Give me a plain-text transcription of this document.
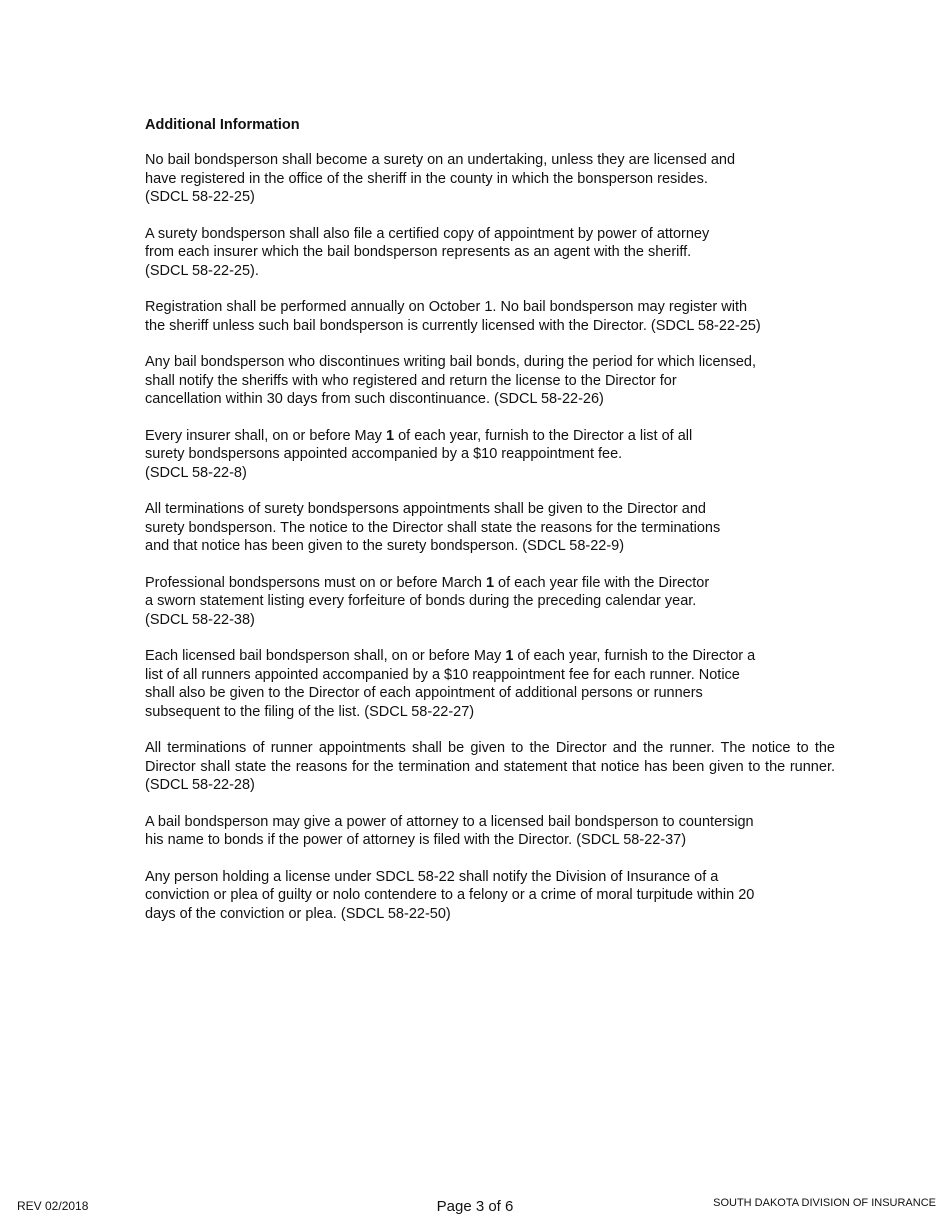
Additional Information
No bail bondsperson shall become a surety on an undertaking, unless they are licensed and
have registered in the office of the sheriff in the county in which the bonsperson resides.
(SDCL 58-22-25)
A surety bondsperson shall also file a certified copy of appointment by power of attorney
from each insurer which the bail bondsperson represents as an agent with the sheriff.
(SDCL 58-22-25).
Registration shall be performed annually on October 1. No bail bondsperson may register with
the sheriff unless such bail bondsperson is currently licensed with the Director. (SDCL 58-22-25)
Any bail bondsperson who discontinues writing bail bonds, during the period for which licensed,
shall notify the sheriffs with who registered and return the license to the Director for
cancellation within 30 days from such discontinuance. (SDCL 58-22-26)
Every insurer shall, on or before May 1 of each year, furnish to the Director a list of all
surety bondspersons appointed accompanied by a $10 reappointment fee.
(SDCL 58-22-8)
All terminations of surety bondspersons appointments shall be given to the Director and
surety bondsperson. The notice to the Director shall state the reasons for the terminations
and that notice has been given to the surety bondsperson. (SDCL 58-22-9)
Professional bondspersons must on or before March 1 of each year file with the Director
a sworn statement listing every forfeiture of bonds during the preceding calendar year.
(SDCL 58-22-38)
Each licensed bail bondsperson shall, on or before May 1 of each year, furnish to the Director a
list of all runners appointed accompanied by a $10 reappointment fee for each runner. Notice
shall also be given to the Director of each appointment of additional persons or runners
subsequent to the filing of the list. (SDCL 58-22-27)
All terminations of runner appointments shall be given to the Director and the runner. The notice to the Director shall state the reasons for the termination and statement that notice has been given to the runner. (SDCL 58-22-28)
A bail bondsperson may give a power of attorney to a licensed bail bondsperson to countersign
his name to bonds if the power of attorney is filed with the Director. (SDCL 58-22-37)
Any person holding a license under SDCL 58-22 shall notify the Division of Insurance of a
conviction or plea of guilty or nolo contendere to a felony or a crime of moral turpitude within 20
days of the conviction or plea. (SDCL 58-22-50)
REV 02/2018	Page 3 of 6	SOUTH DAKOTA DIVISION OF INSURANCE
